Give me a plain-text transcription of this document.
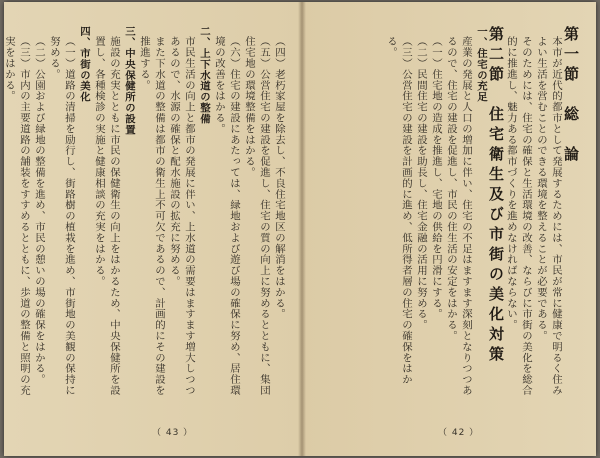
（四）老朽家屋を除去し、不良住宅地区の解消をはかる。

（五）公営住宅の建設を促進し、住宅の質の向上に努めるとともに、集団住宅地の環境整備をはかる。

（六）住宅の建設にあたっては、緑地および遊び場の確保に努め、居住環境の改善をはかる。

二、上下水道の整備

市民生活の向上と都市の発展に伴い、上水道の需要はますます増大しつつあるので、水源の確保と配水施設の拡充に努める。

また下水道の整備は都市の衛生上不可欠であるので、計画的にその建設を推進する。

三、中央保健所の設置

施設の充実とともに市民の保健衛生の向上をはかるため、中央保健所を設置し、各種検診の実施と健康相談の充実をはかる。

四、市街の美化

（一）道路の清掃を励行し、街路樹の植栽を進め、市街地の美観の保持に努める。

（二）公園および緑地の整備を進め、市民の憩いの場の確保をはかる。

（三）市内の主要道路の舗装をすすめるとともに、歩道の整備と照明の充実をはかる。

（ 43 ）

第一節　総　論

本市が近代的都市として発展するためには、市民が常に健康で明るく住みよい生活を営むことのできる環境を整えることが必要である。

そのためには、住宅の確保と生活環境の改善、ならびに市街の美化を総合的に推進し、魅力ある都市づくりを進めなければならない。

第二節　住宅衛生及び市街の美化対策

一、住宅の充足

産業の発展と人口の増加に伴い、住宅の不足はますます深刻となりつつあるので、住宅の建設を促進し、市民の住生活の安定をはかる。

（一）住宅地の造成を推進し、宅地の供給を円滑にする。

（二）民間住宅の建設を助長し、住宅金融の活用に努める。

（三）公営住宅の建設を計画的に進め、低所得者層の住宅の確保をはかる。

（ 42 ）
